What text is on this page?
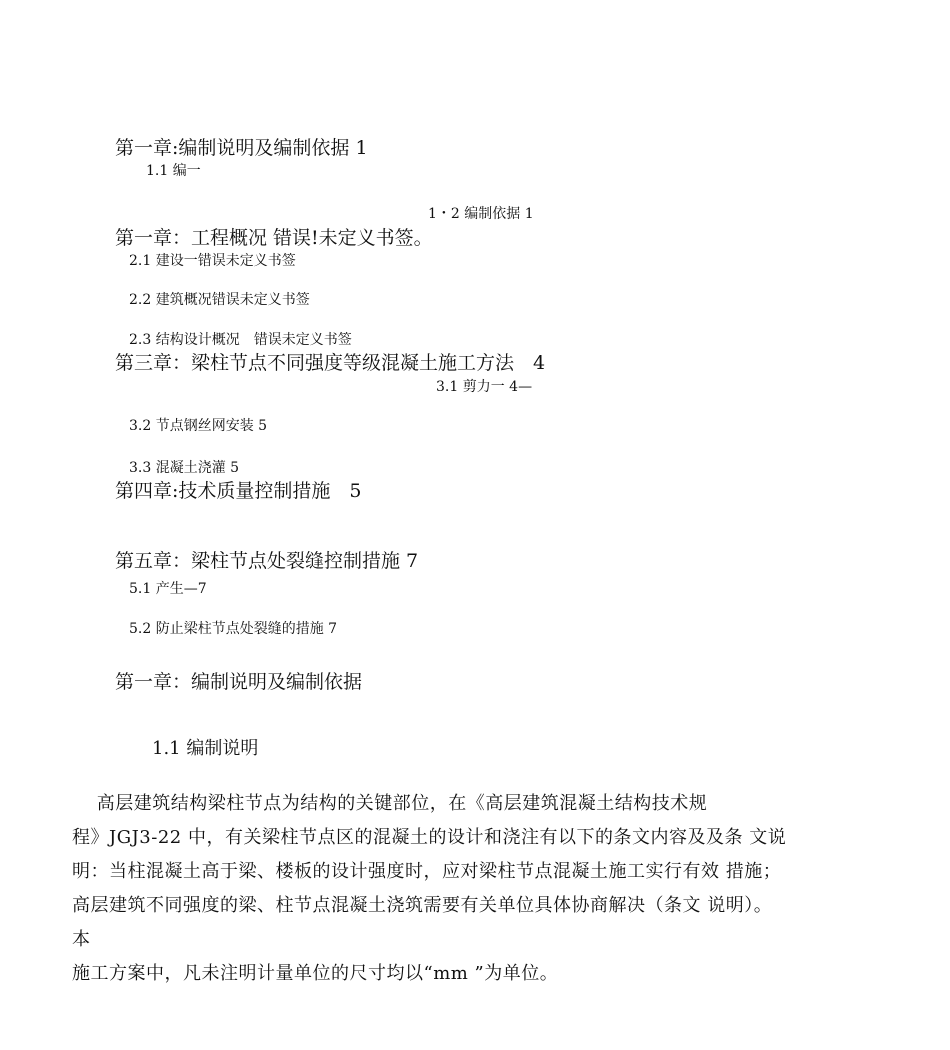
第一章:编制说明及编制依据 1
1.1 编一
1・2 编制依据 1
第一章：工程概况 错误!未定义书签。
2.1 建设一错误未定义书签
2.2 建筑概况错误未定义书签
2.3 结构设计概况　错误未定义书签
第三章：梁柱节点不同强度等级混凝土施工方法　4
3.1 剪力一 4—
3.2 节点钢丝网安装 5
3.3 混凝土浇灌 5
第四章:技术质量控制措施　5
第五章：梁柱节点处裂缝控制措施 7
5.1 产生—7
5.2 防止梁柱节点处裂缝的措施 7
第一章：编制说明及编制依据
1.1 编制说明
　 高层建筑结构梁柱节点为结构的关键部位，在《高层建筑混凝土结构技术规
程》JGJ3-22 中，有关梁柱节点区的混凝土的设计和浇注有以下的条文内容及及条 文说
明：当柱混凝土高于梁、楼板的设计强度时，应对梁柱节点混凝土施工实行有效 措施；
高层建筑不同强度的梁、柱节点混凝土浇筑需要有关单位具体协商解决（条文 说明）。
本
施工方案中，凡未注明计量单位的尺寸均以“mm ”为单位。
